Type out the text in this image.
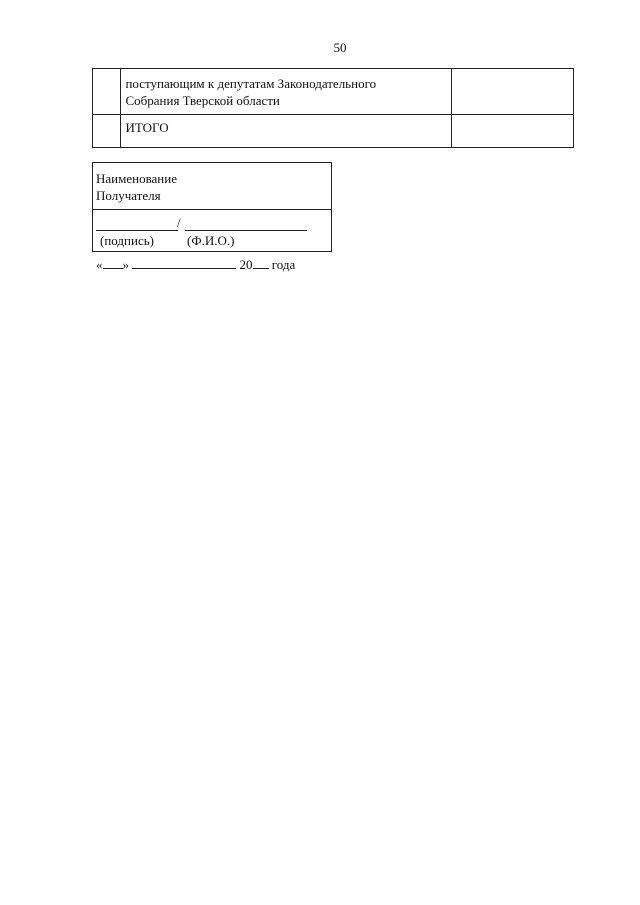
50
	поступающим к депутатам Законодательного
Собрания Тверской области	
	ИТОГО	
Наименование
Получателя
/
(подпись)	(Ф.И.О.)
« »	20 года
